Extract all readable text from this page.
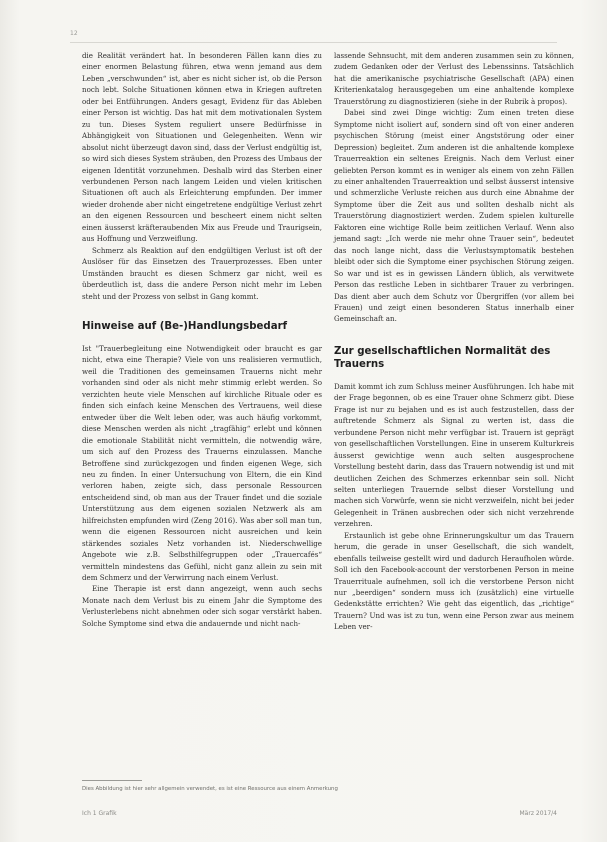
12

die Realität verändert hat. In besonderen Fällen kann dies zu einer enormen Belastung führen, etwa wenn jemand aus dem Leben „verschwunden“ ist, aber es nicht sicher ist, ob die Person noch lebt. Solche Situationen können etwa in Kriegen auftreten oder bei Entführungen. Anders gesagt, Evidenz für das Ableben einer Person ist wichtig. Das hat mit dem motivationalen System zu tun. Dieses System reguliert unsere Bedürfnisse in Abhängigkeit von Situationen und Gelegenheiten. Wenn wir absolut nicht überzeugt davon sind, dass der Verlust endgültig ist, so wird sich dieses System sträuben, den Prozess des Umbaus der eigenen Identität vorzunehmen. Deshalb wird das Sterben einer verbundenen Person nach langem Leiden und vielen kritischen Situationen oft auch als Erleichterung empfunden. Der immer wieder drohende aber nicht eingetretene endgültige Verlust zehrt an den eigenen Ressourcen und bescheert einem nicht selten einen äusserst kräfteraubenden Mix aus Freude und Traurigsein, aus Hoffnung und Verzweiflung.

Schmerz als Reaktion auf den endgültigen Verlust ist oft der Auslöser für das Einsetzen des Trauerprozesses. Eben unter Umständen braucht es diesen Schmerz gar nicht, weil es überdeutlich ist, dass die andere Person nicht mehr im Leben steht und der Prozess von selbst in Gang kommt.

Hinweise auf (Be-)Handlungsbedarf

Ist "Trauerbegleitung eine Notwendigkeit oder braucht es gar nicht, etwa eine Therapie? Viele von uns realisieren vermutlich, weil die Traditionen des gemeinsamen Trauerns nicht mehr vorhanden sind oder als nicht mehr stimmig erlebt werden. So verzichten heute viele Menschen auf kirchliche Rituale oder es finden sich einfach keine Menschen des Vertrauens, weil diese entweder über die Welt leben oder, was auch häufig vorkommt, diese Menschen werden als nicht „tragfähig“ erlebt und können die emotionale Stabilität nicht vermitteln, die notwendig wäre, um sich auf den Prozess des Trauerns einzulassen. Manche Betroffene sind zurückgezogen und finden eigenen Wege, sich neu zu finden. In einer Untersuchung von Eltern, die ein Kind verloren haben, zeigte sich, dass personale Ressourcen entscheidend sind, ob man aus der Trauer findet und die soziale Unterstützung aus dem eigenen sozialen Netzwerk als am hilfreichsten empfunden wird (Zeng 2016). Was aber soll man tun, wenn die eigenen Ressourcen nicht ausreichen und kein stärkendes soziales Netz vorhanden ist. Niederschwellige Angebote wie z.B. Selbsthilfegruppen oder „Trauercafés“ vermitteln mindestens das Gefühl, nicht ganz allein zu sein mit dem Schmerz und der Verwirrung nach einem Verlust.

Eine Therapie ist erst dann angezeigt, wenn auch sechs Monate nach dem Verlust bis zu einem Jahr die Symptome des Verlusterlebens nicht abnehmen oder sich sogar verstärkt haben. Solche Symptome sind etwa die andauernde und nicht nach-

lassende Sehnsucht, mit dem anderen zusammen sein zu können, zudem Gedanken oder der Verlust des Lebenssinns. Tatsächlich hat die amerikanische psychiatrische Gesellschaft (APA) einen Kriterienkatalog herausgegeben um eine anhaltende komplexe Trauerstörung zu diagnostizieren (siehe in der Rubrik à propos).

Dabei sind zwei Dinge wichtig: Zum einen treten diese Symptome nicht isoliert auf, sondern sind oft von einer anderen psychischen Störung (meist einer Angststörung oder einer Depression) begleitet. Zum anderen ist die anhaltende komplexe Trauerreaktion ein seltenes Ereignis. Nach dem Verlust einer geliebten Person kommt es in weniger als einem von zehn Fällen zu einer anhaltenden Trauerreaktion und selbst äusserst intensive und schmerzliche Verluste reichen aus durch eine Abnahme der Symptome über die Zeit aus und sollten deshalb nicht als Trauerstörung diagnostiziert werden. Zudem spielen kulturelle Faktoren eine wichtige Rolle beim zeitlichen Verlauf. Wenn also jemand sagt: „Ich werde nie mehr ohne Trauer sein“, bedeutet das noch lange nicht, dass die Verlustsymptomatik bestehen bleibt oder sich die Symptome einer psychischen Störung zeigen. So war und ist es in gewissen Ländern üblich, als verwitwete Person das restliche Leben in sichtbarer Trauer zu verbringen. Das dient aber auch dem Schutz vor Übergriffen (vor allem bei Frauen) und zeigt einen besonderen Status innerhalb einer Gemeinschaft an.

Zur gesellschaftlichen Normalität des Trauerns

Damit kommt ich zum Schluss meiner Ausführungen. Ich habe mit der Frage begonnen, ob es eine Trauer ohne Schmerz gibt. Diese Frage ist nur zu bejahen und es ist auch festzustellen, dass der auftretende Schmerz als Signal zu werten ist, dass die verbundene Person nicht mehr verfügbar ist. Trauern ist geprägt von gesellschaftlichen Vorstellungen. Eine in unserem Kulturkreis äusserst gewichtige wenn auch selten ausgesprochene Vorstellung besteht darin, dass das Trauern notwendig ist und mit deutlichen Zeichen des Schmerzes erkennbar sein soll. Nicht selten unterliegen Trauernde selbst dieser Vorstellung und machen sich Vorwürfe, wenn sie nicht verzweifeln, nicht bei jeder Gelegenheit in Tränen ausbrechen oder sich nicht verzehrende verzehren.

Erstaunlich ist gebe ohne Erinnerungskultur um das Trauern herum, die gerade in unser Gesellschaft, die sich wandelt, ebenfalls teilweise gestellt wird und dadurch Heraufholen würde. Soll ich den Facebook-account der verstorbenen Person in meine Trauerrituale aufnehmen, soll ich die verstorbene Person nicht nur „beerdigen“ sondern muss ich (zusätzlich) eine virtuelle Gedenkstätte errichten? Wie geht das eigentlich, das „richtige“ Trauern? Und was ist zu tun, wenn eine Person zwar aus meinem Leben ver-

Dies Abbildung ist hier sehr allgemein verwendet, es ist eine Ressource aus einem Anmerkung
Ich 1 Grafik	März 2017/4
